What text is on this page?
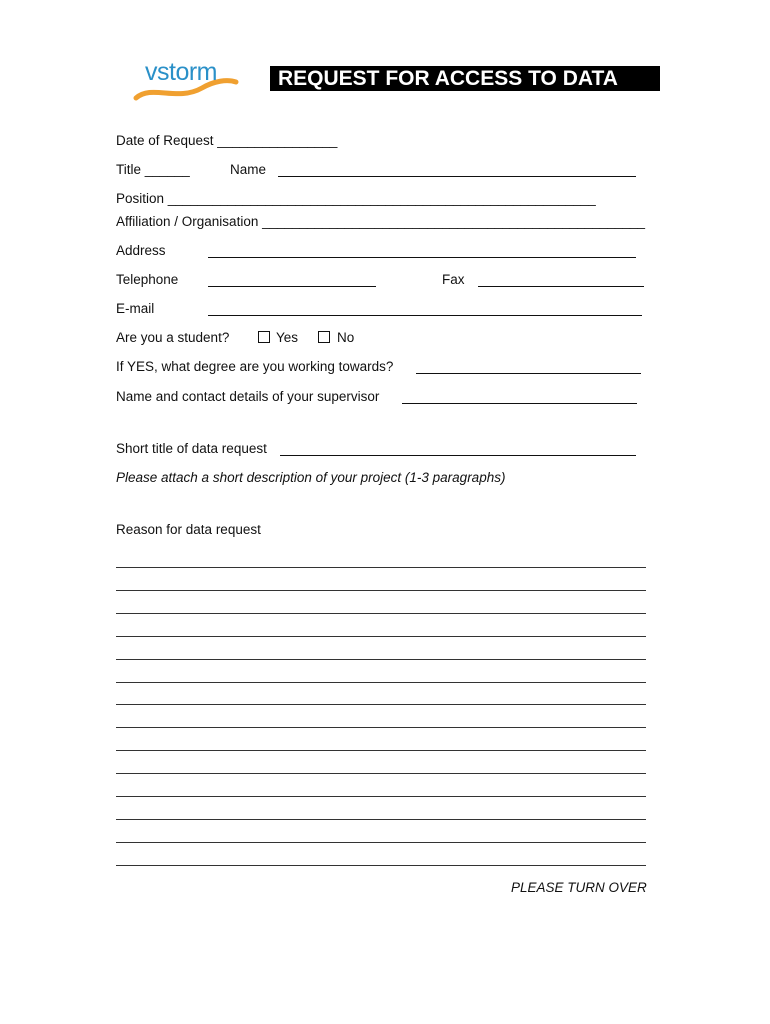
vstorm	REQUEST FOR ACCESS TO DATA
Date of Request ________________
Title ______	Name
Position _________________________________________________________
Affiliation / Organisation ___________________________________________________
Address
Telephone	Fax
E-mail
Are you a student?	Yes	No
If YES, what degree are you working towards?
Name and contact details of your supervisor
Short title of data request
Please attach a short description of your project (1-3 paragraphs)
Reason for data request
PLEASE TURN OVER
